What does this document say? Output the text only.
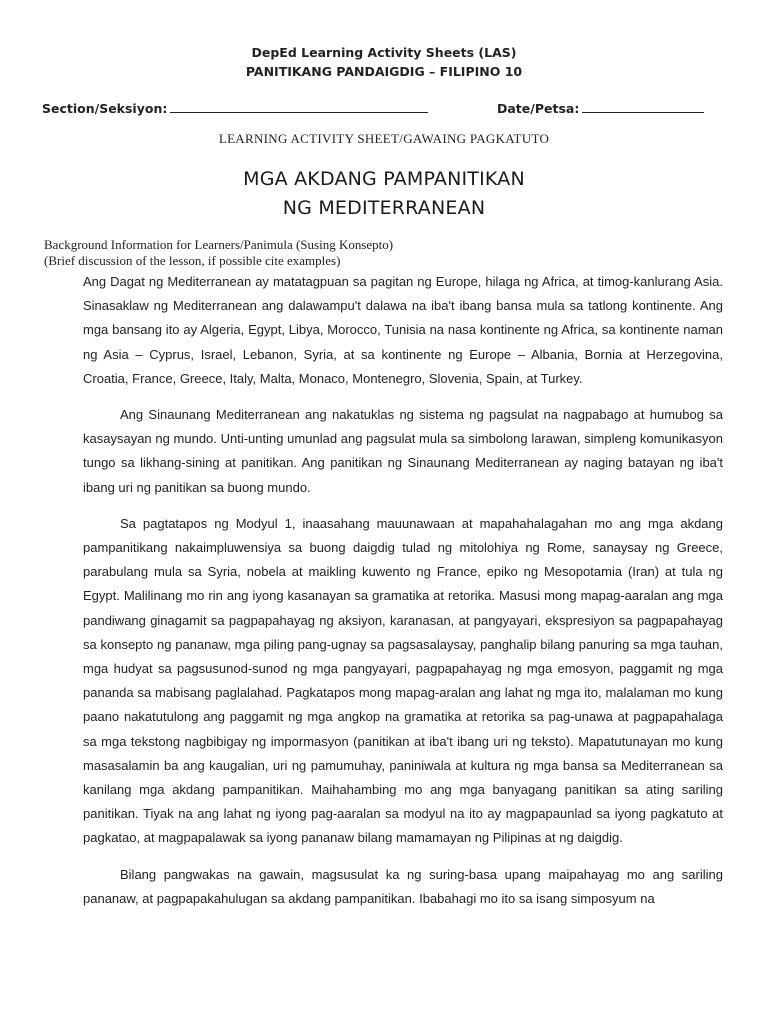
DepEd Learning Activity Sheets (LAS)
PANITIKANG PANDAIGDIG – FILIPINO 10
Section/Seksiyon:	Date/Petsa:
LEARNING ACTIVITY SHEET/GAWAING PAGKATUTO
MGA AKDANG PAMPANITIKAN
NG MEDITERRANEAN
Background Information for Learners/Panimula (Susing Konsepto)
(Brief discussion of the lesson, if possible cite examples)

Ang Dagat ng Mediterranean ay matatagpuan sa pagitan ng Europe, hilaga ng Africa, at timog-kanlurang Asia. Sinasaklaw ng Mediterranean ang dalawampu't dalawa na iba't ibang bansa mula sa tatlong kontinente. Ang mga bansang ito ay Algeria, Egypt, Libya, Morocco, Tunisia na nasa kontinente ng Africa, sa kontinente naman ng Asia – Cyprus, Israel, Lebanon, Syria, at sa kontinente ng Europe – Albania, Bornia at Herzegovina, Croatia, France, Greece, Italy, Malta, Monaco, Montenegro, Slovenia, Spain, at Turkey.

Ang Sinaunang Mediterranean ang nakatuklas ng sistema ng pagsulat na nagpabago at humubog sa kasaysayan ng mundo. Unti-unting umunlad ang pagsulat mula sa simbolong larawan, simpleng komunikasyon tungo sa likhang-sining at panitikan. Ang panitikan ng Sinaunang Mediterranean ay naging batayan ng iba't ibang uri ng panitikan sa buong mundo.

Sa pagtatapos ng Modyul 1, inaasahang mauunawaan at mapahahalagahan mo ang mga akdang pampanitikang nakaimpluwensiya sa buong daigdig tulad ng mitolohiya ng Rome, sanaysay ng Greece, parabulang mula sa Syria, nobela at maikling kuwento ng France, epiko ng Mesopotamia (Iran) at tula ng Egypt. Malilinang mo rin ang iyong kasanayan sa gramatika at retorika. Masusi mong mapag-aaralan ang mga pandiwang ginagamit sa pagpapahayag ng aksiyon, karanasan, at pangyayari, ekspresiyon sa pagpapahayag sa konsepto ng pananaw, mga piling pang-ugnay sa pagsasalaysay, panghalip bilang panuring sa mga tauhan, mga hudyat sa pagsusunod-sunod ng mga pangyayari, pagpapahayag ng mga emosyon, paggamit ng mga pananda sa mabisang paglalahad. Pagkatapos mong mapag-aralan ang lahat ng mga ito, malalaman mo kung paano nakatutulong ang paggamit ng mga angkop na gramatika at retorika sa pag-unawa at pagpapahalaga sa mga tekstong nagbibigay ng impormasyon (panitikan at iba't ibang uri ng teksto). Mapatutunayan mo kung masasalamin ba ang kaugalian, uri ng pamumuhay, paniniwala at kultura ng mga bansa sa Mediterranean sa kanilang mga akdang pampanitikan. Maihahambing mo ang mga banyagang panitikan sa ating sariling panitikan. Tiyak na ang lahat ng iyong pag-aaralan sa modyul na ito ay magpapaunlad sa iyong pagkatuto at pagkatao, at magpapalawak sa iyong pananaw bilang mamamayan ng Pilipinas at ng daigdig.

Bilang pangwakas na gawain, magsusulat ka ng suring-basa upang maipahayag mo ang sariling pananaw, at pagpapakahulugan sa akdang pampanitikan. Ibabahagi mo ito sa isang simposyum na
